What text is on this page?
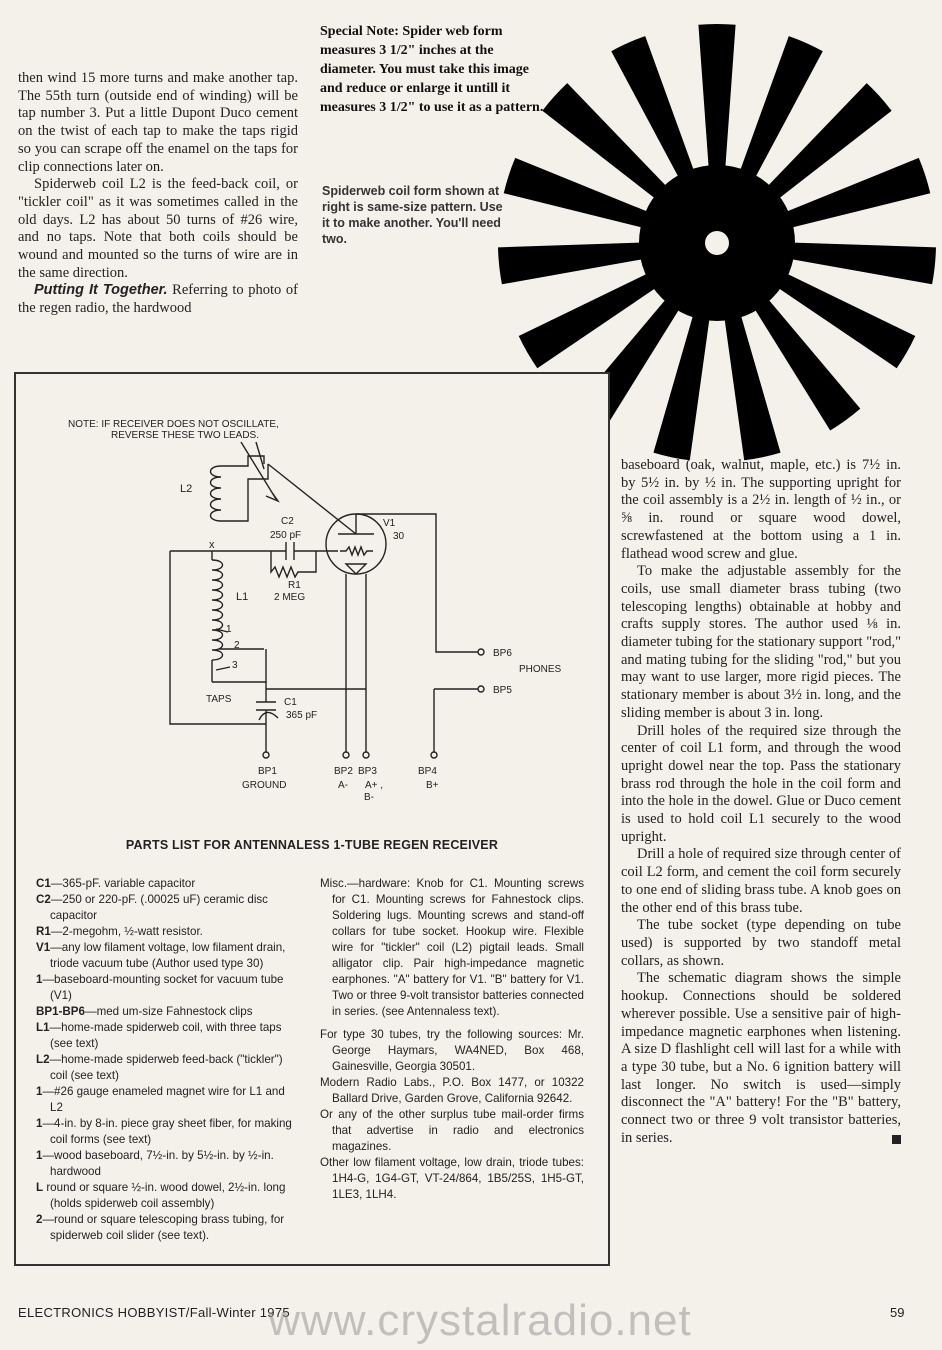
then wind 15 more turns and make another tap. The 55th turn (outside end of winding) will be tap number 3. Put a little Dupont Duco cement on the twist of each tap to make the taps rigid so you can scrape off the enamel on the taps for clip connections later on.

Spiderweb coil L2 is the feed-back coil, or "tickler coil" as it was sometimes called in the old days. L2 has about 50 turns of #26 wire, and no taps. Note that both coils should be wound and mounted so the turns of wire are in the same direction.

Putting It Together. Referring to photo of the regen radio, the hardwood

Special Note: Spider web form measures 3 1/2" inches at the diameter. You must take this image and reduce or enlarge it untill it measures 3 1/2" to use it as a pattern.
Spiderweb coil form shown at right is same-size pattern. Use it to make another. You'll need two.
NOTE: IF RECEIVER DOES NOT OSCILLATE,
REVERSE THESE TWO LEADS.
L2
C2
250 pF
R1
2 MEG
V1
30
x
L1
1
2
3
TAPS	C1
365 pF
BP6
BP5
PHONES
BP1
GROUND
BP2 BP3	BP4
A- A+ ,
B-
B+
PARTS LIST FOR ANTENNALESS 1-TUBE REGEN RECEIVER

C1—365-pF. variable capacitor

C2—250 or 220-pF. (.00025 uF) ceramic disc capacitor

R1—2-megohm, ½-watt resistor.

V1—any low filament voltage, low filament drain, triode vacuum tube (Author used type 30)

1—baseboard-mounting socket for vacuum tube (V1)

BP1-BP6—med um-size Fahnestock clips

L1—home-made spiderweb coil, with three taps (see text)

L2—home-made spiderweb feed-back ("tickler") coil (see text)

1—#26 gauge enameled magnet wire for L1 and L2

1—4-in. by 8-in. piece gray sheet fiber, for making coil forms (see text)

1—wood baseboard, 7½-in. by 5½-in. by ½-in. hardwood

L round or square ½-in. wood dowel, 2½-in. long (holds spiderweb coil assembly)

2—round or square telescoping brass tubing, for spiderweb coil slider (see text).

Misc.—hardware: Knob for C1. Mounting screws for C1. Mounting screws for Fahnestock clips. Soldering lugs. Mounting screws and stand-off collars for tube socket. Hookup wire. Flexible wire for "tickler" coil (L2) pigtail leads. Small alligator clip. Pair high-impedance magnetic earphones. "A" battery for V1. "B" battery for V1. Two or three 9-volt transistor batteries connected in series. (see Antennaless text).

For type 30 tubes, try the following sources: Mr. George Haymars, WA4NED, Box 468, Gainesville, Georgia 30501.

Modern Radio Labs., P.O. Box 1477, or 10322 Ballard Drive, Garden Grove, California 92642.

Or any of the other surplus tube mail-order firms that advertise in radio and electronics magazines.

Other low filament voltage, low drain, triode tubes: 1H4-G, 1G4-GT, VT-24/864, 1B5/25S, 1H5-GT, 1LE3, 1LH4.

baseboard (oak, walnut, maple, etc.) is 7½ in. by 5½ in. by ½ in. The supporting upright for the coil assembly is a 2½ in. length of ½ in., or ⅝ in. round or square wood dowel, screwfastened at the bottom using a 1 in. flathead wood screw and glue.

To make the adjustable assembly for the coils, use small diameter brass tubing (two telescoping lengths) obtainable at hobby and crafts supply stores. The author used ⅛ in. diameter tubing for the stationary support "rod," and mating tubing for the sliding "rod," but you may want to use larger, more rigid pieces. The stationary member is about 3½ in. long, and the sliding member is about 3 in. long.

Drill holes of the required size through the center of coil L1 form, and through the wood upright dowel near the top. Pass the stationary brass rod through the hole in the coil form and into the hole in the dowel. Glue or Duco cement is used to hold coil L1 securely to the wood upright.

Drill a hole of required size through center of coil L2 form, and cement the coil form securely to one end of sliding brass tube. A knob goes on the other end of this brass tube.

The tube socket (type depending on tube used) is supported by two standoff metal collars, as shown.

The schematic diagram shows the simple hookup. Connections should be soldered wherever possible. Use a sensitive pair of high-impedance magnetic earphones when listening. A size D flashlight cell will last for a while with a type 30 tube, but a No. 6 ignition battery will last longer. No switch is used—simply disconnect the "A" battery! For the "B" battery, connect two or three 9 volt transistor batteries, in series.

ELECTRONICS HOBBYIST/Fall-Winter 1975
www.crystalradio.net	59
